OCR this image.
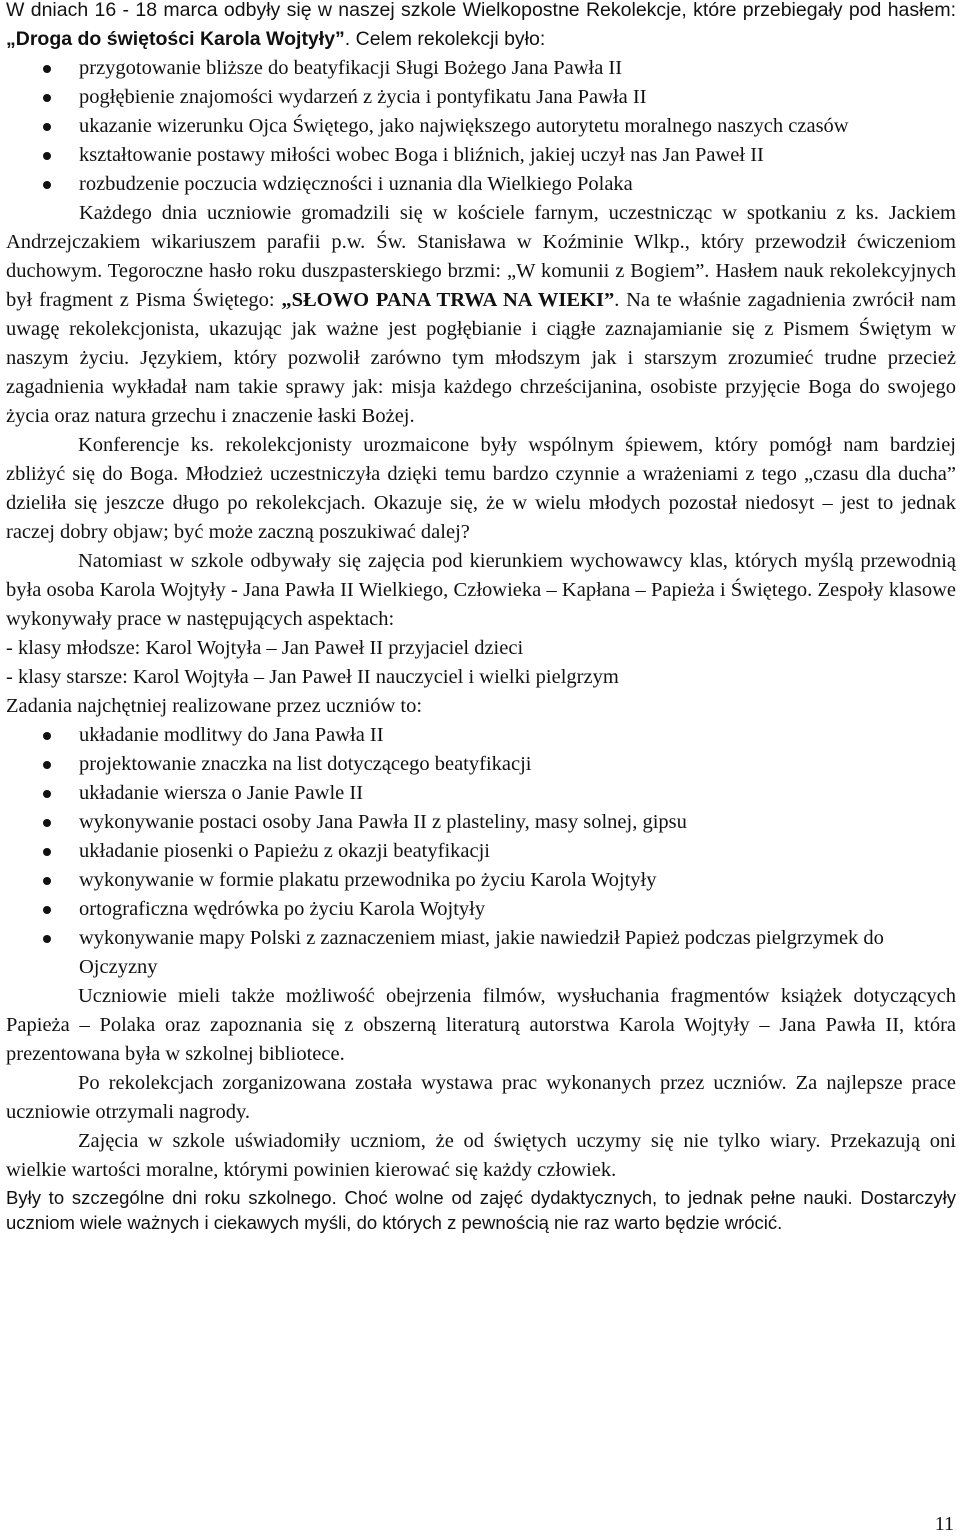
W dniach 16 - 18 marca odbyły się w naszej szkole Wielkopostne Rekolekcje, które przebiegały pod hasłem: „Droga do świętości Karola Wojtyły”. Celem rekolekcji było:

przygotowanie bliższe do beatyfikacji Sługi Bożego Jana Pawła II
pogłębienie znajomości wydarzeń z życia i pontyfikatu Jana Pawła II
ukazanie wizerunku Ojca Świętego, jako największego autorytetu moralnego naszych czasów
kształtowanie postawy miłości wobec Boga i bliźnich, jakiej uczył nas Jan Paweł II
rozbudzenie poczucia wdzięczności i uznania dla Wielkiego Polaka

Każdego dnia uczniowie gromadzili się w kościele farnym, uczestnicząc w spotkaniu z ks. Jackiem Andrzejczakiem wikariuszem parafii p.w. Św. Stanisława w Koźminie Wlkp., który przewodził ćwiczeniom duchowym. Tegoroczne hasło roku duszpasterskiego brzmi: „W komunii z Bogiem”. Hasłem nauk rekolekcyjnych był fragment z Pisma Świętego: „SŁOWO PANA TRWA NA WIEKI”. Na te właśnie zagadnienia zwrócił nam uwagę rekolekcjonista, ukazując jak ważne jest pogłębianie i ciągłe zaznajamianie się z Pismem Świętym w naszym życiu. Językiem, który pozwolił zarówno tym młodszym jak i starszym zrozumieć trudne przecież zagadnienia wykładał nam takie sprawy jak: misja każdego chrześcijanina, osobiste przyjęcie Boga do swojego życia oraz natura grzechu i znaczenie łaski Bożej.

Konferencje ks. rekolekcjonisty urozmaicone były wspólnym śpiewem, który pomógł nam bardziej zbliżyć się do Boga. Młodzież uczestniczyła dzięki temu bardzo czynnie a wrażeniami z tego „czasu dla ducha” dzieliła się jeszcze długo po rekolekcjach. Okazuje się, że w wielu młodych pozostał niedosyt – jest to jednak raczej dobry objaw; być może zaczną poszukiwać dalej?

Natomiast w szkole odbywały się zajęcia pod kierunkiem wychowawcy klas, których myślą przewodnią była osoba Karola Wojtyły - Jana Pawła II Wielkiego, Człowieka – Kapłana – Papieża i Świętego. Zespoły klasowe wykonywały prace w następujących aspektach:

- klasy młodsze: Karol Wojtyła – Jan Paweł II przyjaciel dzieci

- klasy starsze: Karol Wojtyła – Jan Paweł II nauczyciel i wielki pielgrzym

Zadania najchętniej realizowane przez uczniów to:

układanie modlitwy do Jana Pawła II
projektowanie znaczka na list dotyczącego beatyfikacji
układanie wiersza o Janie Pawle II
wykonywanie postaci osoby Jana Pawła II z plasteliny, masy solnej, gipsu
układanie piosenki o Papieżu z okazji beatyfikacji
wykonywanie w formie plakatu przewodnika po życiu Karola Wojtyły
ortograficzna wędrówka po życiu Karola Wojtyły
wykonywanie mapy Polski z zaznaczeniem miast, jakie nawiedził Papież podczas pielgrzymek do Ojczyzny

Uczniowie mieli także możliwość obejrzenia filmów, wysłuchania fragmentów książek dotyczących Papieża – Polaka oraz zapoznania się z obszerną literaturą autorstwa Karola Wojtyły – Jana Pawła II, która prezentowana była w szkolnej bibliotece.

Po rekolekcjach zorganizowana została wystawa prac wykonanych przez uczniów. Za najlepsze prace uczniowie otrzymali nagrody.

Zajęcia w szkole uświadomiły uczniom, że od świętych uczymy się nie tylko wiary. Przekazują oni wielkie wartości moralne, którymi powinien kierować się każdy człowiek.

Były to szczególne dni roku szkolnego. Choć wolne od zajęć dydaktycznych, to jednak pełne nauki. Dostarczyły uczniom wiele ważnych i ciekawych myśli, do których z pewnością nie raz warto będzie wrócić.

11
